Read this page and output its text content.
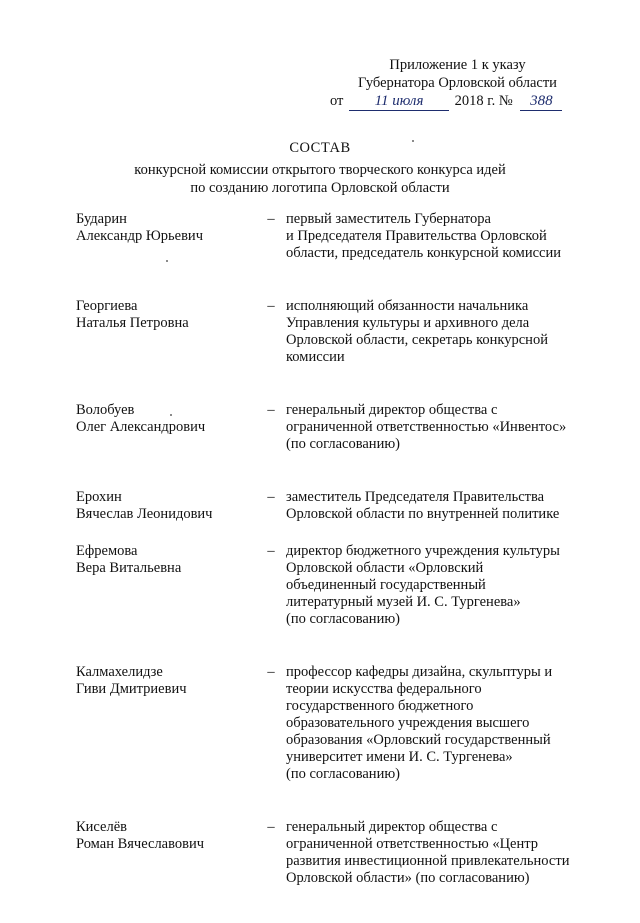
Приложение 1 к указу
Губернатора Орловской области
от 11 июля 2018 г. № 388
СОСТАВ
конкурсной комиссии открытого творческого конкурса идей
по созданию логотипа Орловской области
Бударин
Александр Юрьевич
– первый заместитель Губернатора
и Председателя Правительства Орловской
области, председатель конкурсной комиссии
Георгиева
Наталья Петровна
– исполняющий обязанности начальника
Управления культуры и архивного дела
Орловской области, секретарь конкурсной
комиссии
Волобуев
Олег Александрович
– генеральный директор общества с
ограниченной ответственностью «Инвентос»
(по согласованию)
Ерохин
Вячеслав Леонидович
– заместитель Председателя Правительства
Орловской области по внутренней политике
Ефремова
Вера Витальевна
– директор бюджетного учреждения культуры
Орловской области «Орловский
объединенный государственный
литературный музей И. С. Тургенева»
(по согласованию)
Калмахелидзе
Гиви Дмитриевич
– профессор кафедры дизайна, скульптуры и
теории искусства федерального
государственного бюджетного
образовательного учреждения высшего
образования «Орловский государственный
университет имени И. С. Тургенева»
(по согласованию)
Киселёв
Роман Вячеславович
– генеральный директор общества с
ограниченной ответственностью «Центр
развития инвестиционной привлекательности
Орловской области» (по согласованию)
